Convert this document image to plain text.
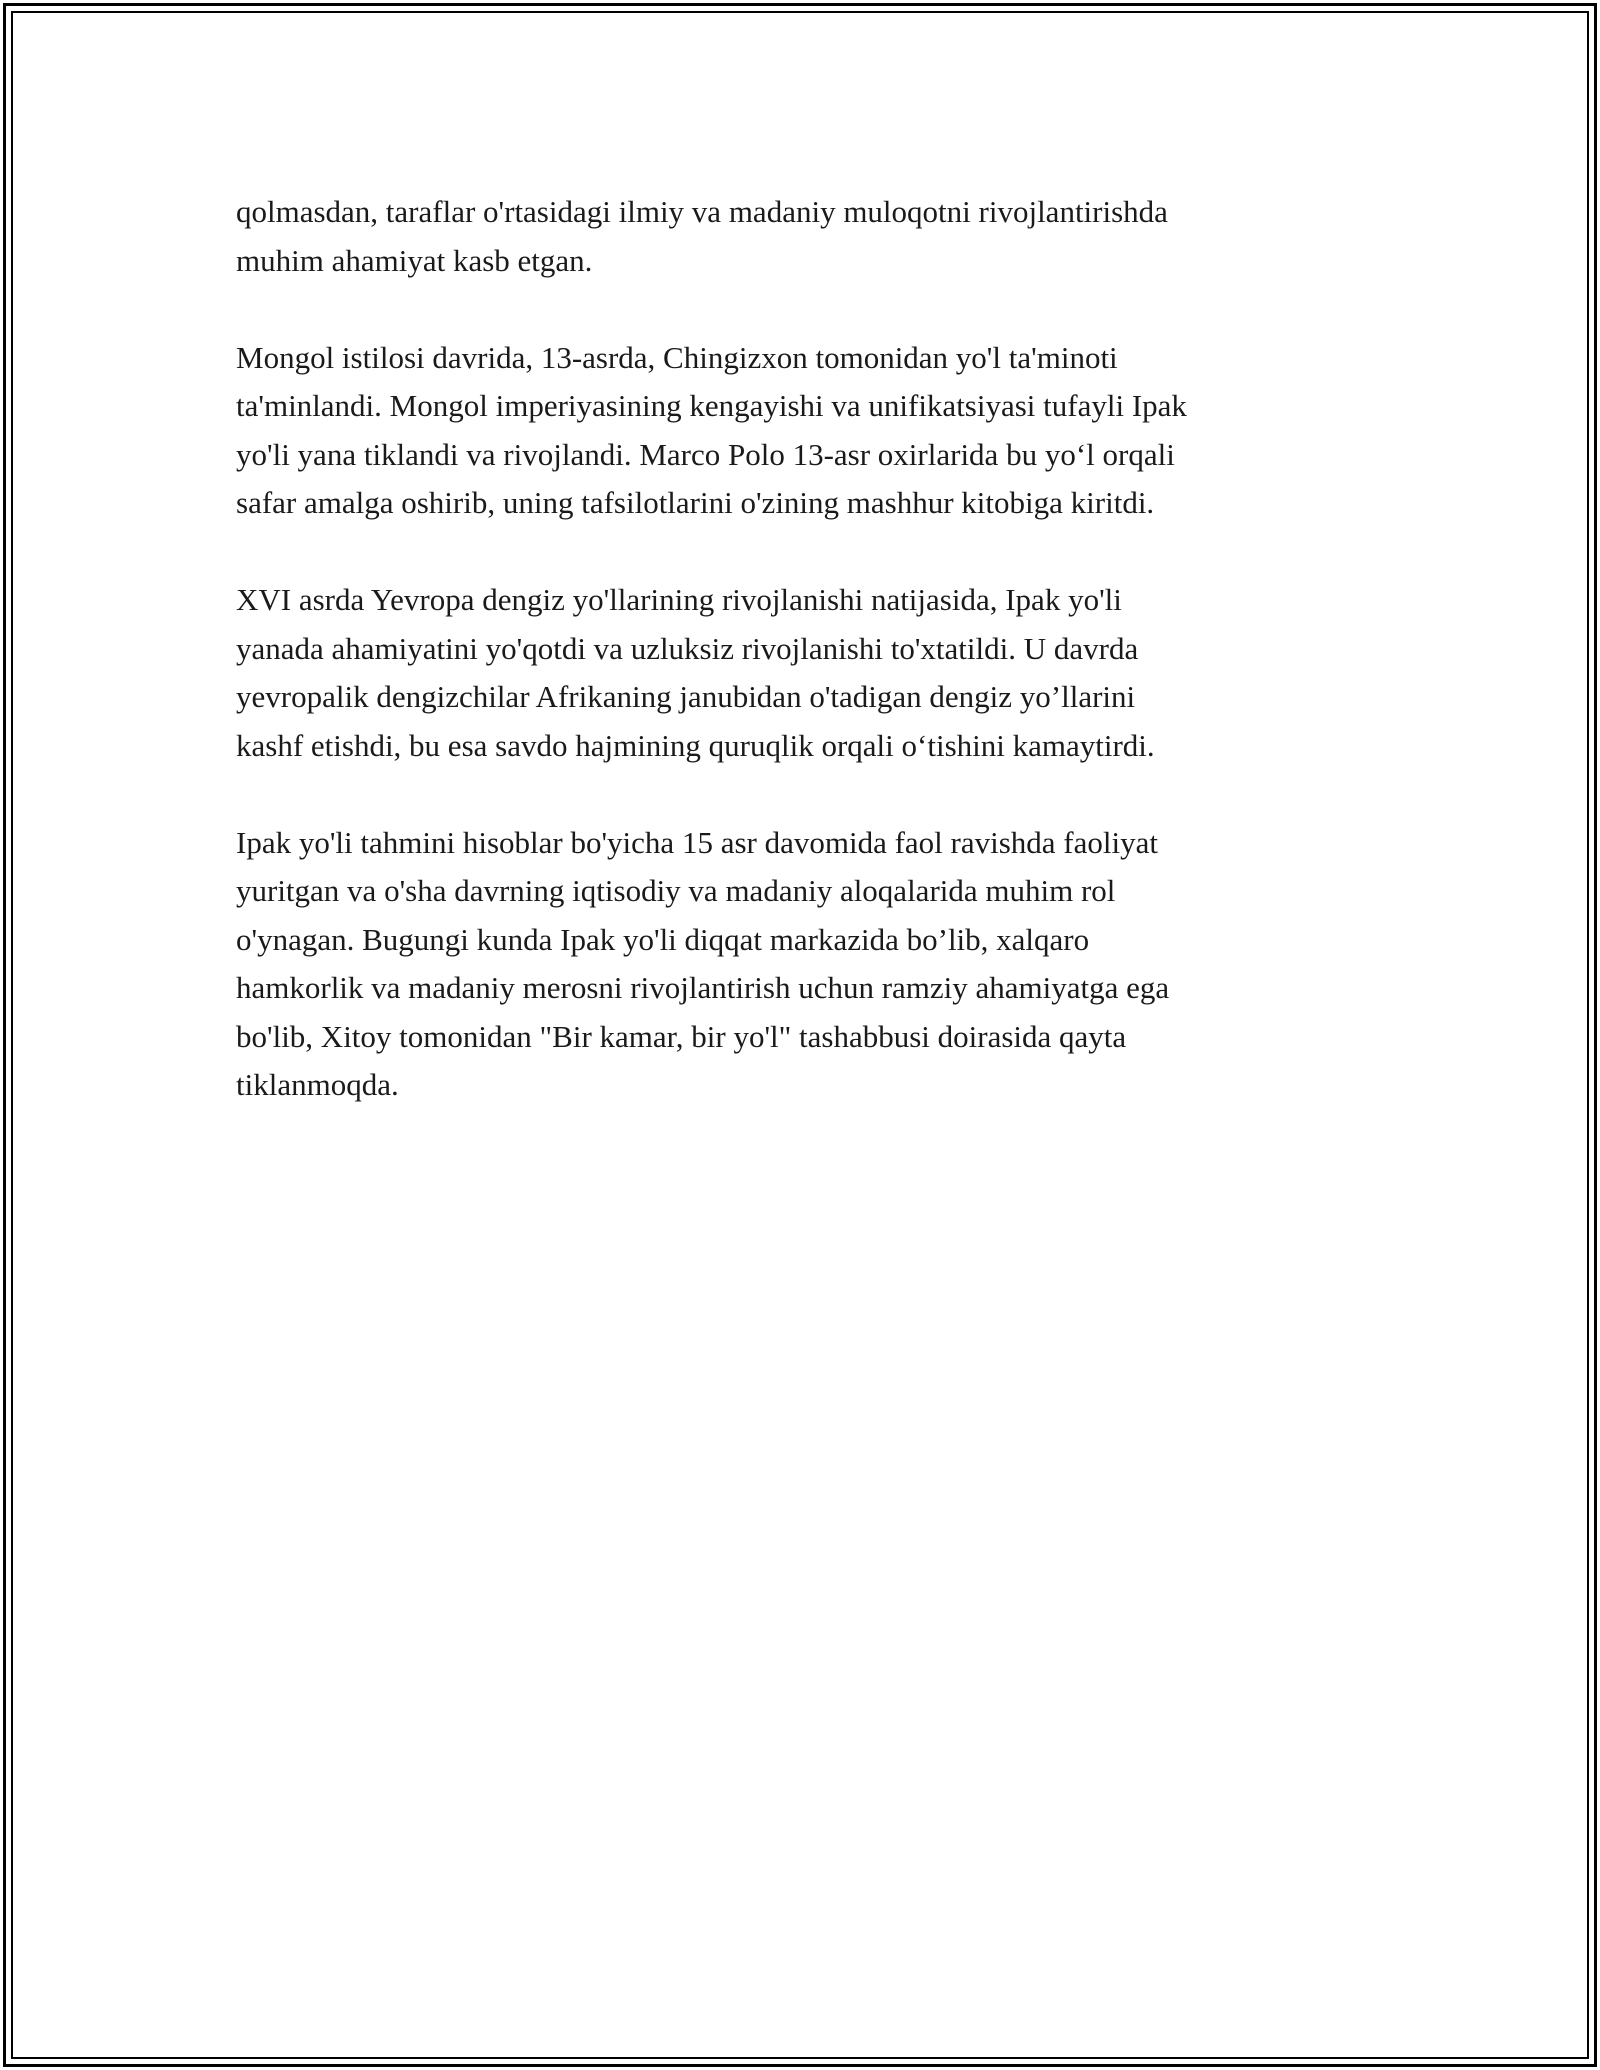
qolmasdan, taraflar o'rtasidagi ilmiy va madaniy muloqotni rivojlantirishda
muhim ahamiyat kasb etgan.

Mongol istilosi davrida, 13-asrda, Chingizxon tomonidan yo'l ta'minoti
ta'minlandi. Mongol imperiyasining kengayishi va unifikatsiyasi tufayli Ipak
yo'li yana tiklandi va rivojlandi. Marco Polo 13-asr oxirlarida bu yo‘l orqali
safar amalga oshirib, uning tafsilotlarini o'zining mashhur kitobiga kiritdi.

XVI asrda Yevropa dengiz yo'llarining rivojlanishi natijasida, Ipak yo'li
yanada ahamiyatini yo'qotdi va uzluksiz rivojlanishi to'xtatildi. U davrda
yevropalik dengizchilar Afrikaning janubidan o'tadigan dengiz yo’llarini
kashf etishdi, bu esa savdo hajmining quruqlik orqali o‘tishini kamaytirdi.

Ipak yo'li tahmini hisoblar bo'yicha 15 asr davomida faol ravishda faoliyat
yuritgan va o'sha davrning iqtisodiy va madaniy aloqalarida muhim rol
o'ynagan. Bugungi kunda Ipak yo'li diqqat markazida bo’lib, xalqaro
hamkorlik va madaniy merosni rivojlantirish uchun ramziy ahamiyatga ega
bo'lib, Xitoy tomonidan "Bir kamar, bir yo'l" tashabbusi doirasida qayta
tiklanmoqda.
